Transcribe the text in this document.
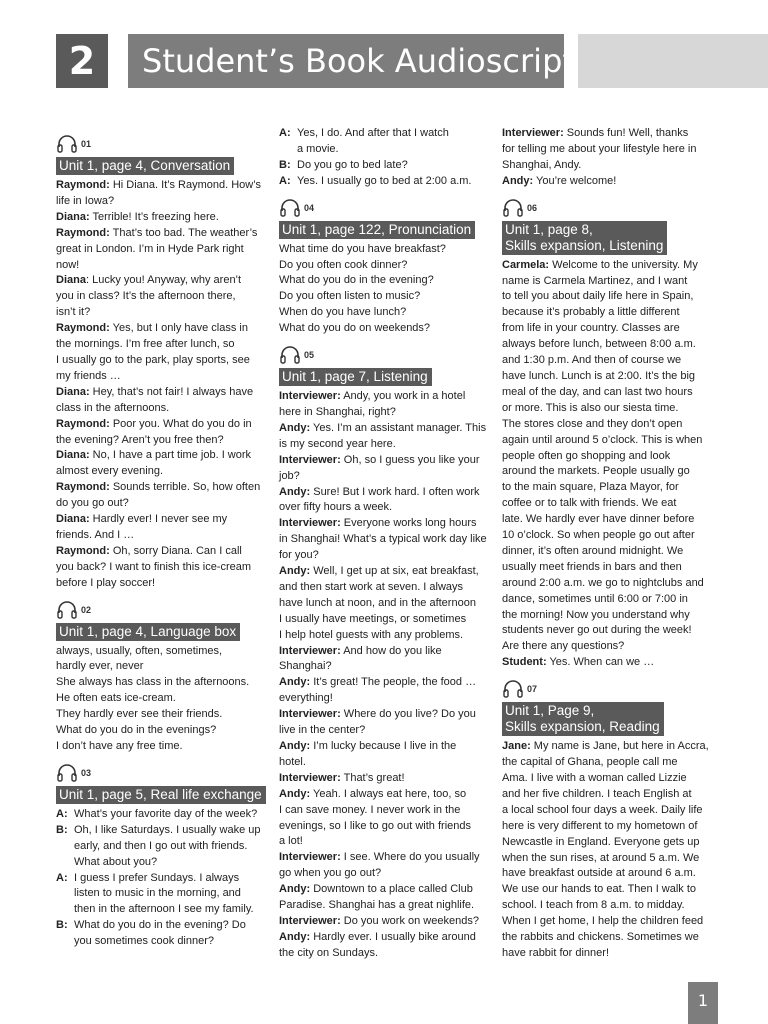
2	Student’s Book Audioscript
01
Unit 1, page 4, Conversation

Raymond: Hi Diana. It’s Raymond. How’s
life in Iowa?

Diana: Terrible! It’s freezing here.

Raymond: That’s too bad. The weather’s
great in London. I’m in Hyde Park right
now!

Diana: Lucky you! Anyway, why aren’t
you in class? It’s the afternoon there,
isn’t it?

Raymond: Yes, but I only have class in
the mornings. I’m free after lunch, so
I usually go to the park, play sports, see
my friends …

Diana: Hey, that’s not fair! I always have
class in the afternoons.

Raymond: Poor you. What do you do in
the evening? Aren’t you free then?

Diana: No, I have a part time job. I work
almost every evening.

Raymond: Sounds terrible. So, how often
do you go out?

Diana: Hardly ever! I never see my
friends. And I …

Raymond: Oh, sorry Diana. Can I call
you back? I want to finish this ice-cream
before I play soccer!

02
Unit 1, page 4, Language box

always, usually, often, sometimes,
hardly ever, never

She always has class in the afternoons.

He often eats ice-cream.

They hardly ever see their friends.

What do you do in the evenings?

I don’t have any free time.

03
Unit 1, page 5, Real life exchange
A: What’s your favorite day of the week?
B: Oh, I like Saturdays. I usually wake up
early, and then I go out with friends.
What about you?
A: I guess I prefer Sundays. I always
listen to music in the morning, and
then in the afternoon I see my family.
B: What do you do in the evening? Do
you sometimes cook dinner?
A: Yes, I do. And after that I watch
a movie.
B: Do you go to bed late?
A: Yes. I usually go to bed at 2:00 a.m.
04
Unit 1, page 122, Pronunciation

What time do you have breakfast?

Do you often cook dinner?

What do you do in the evening?

Do you often listen to music?

When do you have lunch?

What do you do on weekends?

05
Unit 1, page 7, Listening

Interviewer: Andy, you work in a hotel
here in Shanghai, right?

Andy: Yes. I’m an assistant manager. This
is my second year here.

Interviewer: Oh, so I guess you like your
job?

Andy: Sure! But I work hard. I often work
over fifty hours a week.

Interviewer: Everyone works long hours
in Shanghai! What’s a typical work day like
for you?

Andy: Well, I get up at six, eat breakfast,
and then start work at seven. I always
have lunch at noon, and in the afternoon
I usually have meetings, or sometimes
I help hotel guests with any problems.

Interviewer: And how do you like
Shanghai?

Andy: It’s great! The people, the food …
everything!

Interviewer: Where do you live? Do you
live in the center?

Andy: I’m lucky because I live in the
hotel.

Interviewer: That’s great!

Andy: Yeah. I always eat here, too, so
I can save money. I never work in the
evenings, so I like to go out with friends
a lot!

Interviewer: I see. Where do you usually
go when you go out?

Andy: Downtown to a place called Club
Paradise. Shanghai has a great nighlife.

Interviewer: Do you work on weekends?

Andy: Hardly ever. I usually bike around
the city on Sundays.

Interviewer: Sounds fun! Well, thanks
for telling me about your lifestyle here in
Shanghai, Andy.

Andy: You’re welcome!

06
Unit 1, page 8,
Skills expansion, Listening

Carmela: Welcome to the university. My
name is Carmela Martinez, and I want
to tell you about daily life here in Spain,
because it’s probably a little different
from life in your country. Classes are
always before lunch, between 8:00 a.m.
and 1:30 p.m. And then of course we
have lunch. Lunch is at 2:00. It’s the big
meal of the day, and can last two hours
or more. This is also our siesta time.
The stores close and they don’t open
again until around 5 o’clock. This is when
people often go shopping and look
around the markets. People usually go
to the main square, Plaza Mayor, for
coffee or to talk with friends. We eat
late. We hardly ever have dinner before
10 o’clock. So when people go out after
dinner, it’s often around midnight. We
usually meet friends in bars and then
around 2:00 a.m. we go to nightclubs and
dance, sometimes until 6:00 or 7:00 in
the morning! Now you understand why
students never go out during the week!
Are there any questions?

Student: Yes. When can we …

07
Unit 1, Page 9,
Skills expansion, Reading

Jane: My name is Jane, but here in Accra,
the capital of Ghana, people call me
Ama. I live with a woman called Lizzie
and her five children. I teach English at
a local school four days a week. Daily life
here is very different to my hometown of
Newcastle in England. Everyone gets up
when the sun rises, at around 5 a.m. We
have breakfast outside at around 6 a.m.
We use our hands to eat. Then I walk to
school. I teach from 8 a.m. to midday.
When I get home, I help the children feed
the rabbits and chickens. Sometimes we
have rabbit for dinner!

1
